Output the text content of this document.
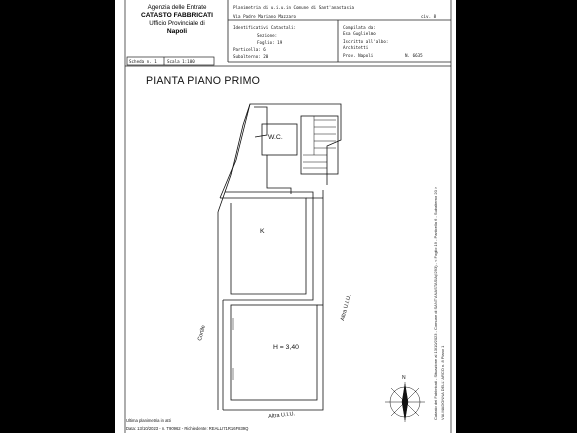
Agenzia delle Entrate
CATASTO FABBRICATI
Ufficio Provinciale di
Napoli
Planimetria di u.i.u.in Comune di Sant'anastasia
Via Padre Mariano Mazzaro	civ. 8
Identificativi Catastali:
Sezione:
Foglio: 19
Particella: 6
Subalterno: 20
Compilata da:
Esa Guglielmo
Iscritto all'albo:
Architetti
Prov. Napoli	N. 6635
Scheda n. 1 Scala 1:100
PIANTA PIANO PRIMO
W.C.
K
H = 3,40
Cortile
Altra U.I.U.
Altra U.I.U.
N	Catasto dei Fabbricati - Situazione al 13/10/2023 - Comune di SANT'ANASTASIA(I293) - < Foglio 19 - Particella 6 - Subalterno 20 > VIA MADONNA DELL' ARCO n. 8 Piano 1
Ultima planimetria in atti
Data: 13/10/2023 - n. T90962 - Richiedente: REALLI71R16F839Q
